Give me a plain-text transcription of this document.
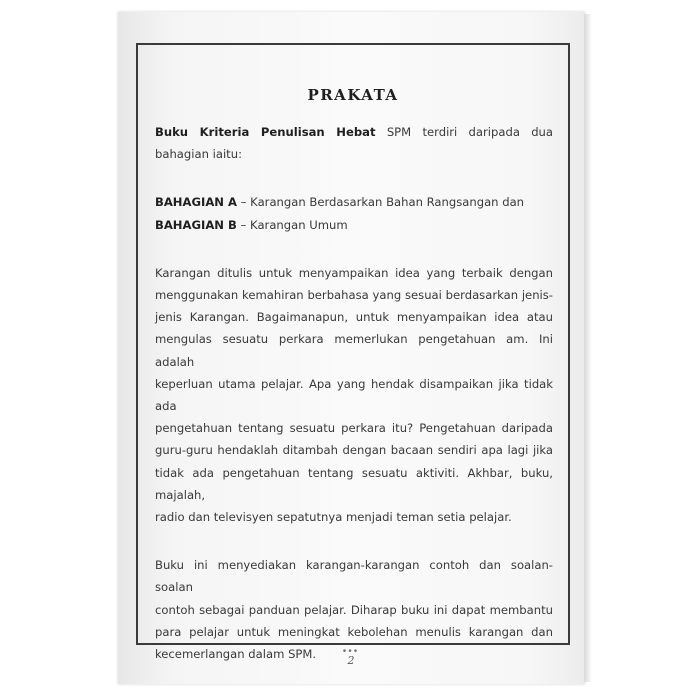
PRAKATA

Buku Kriteria Penulisan Hebat SPM terdiri daripada dua

bahagian iaitu:

BAHAGIAN A – Karangan Berdasarkan Bahan Rangsangan dan

BAHAGIAN B – Karangan Umum

Karangan ditulis untuk menyampaikan idea yang terbaik dengan

menggunakan kemahiran berbahasa yang sesuai berdasarkan jenis-

jenis Karangan. Bagaimanapun, untuk menyampaikan idea atau

mengulas sesuatu perkara memerlukan pengetahuan am. Ini adalah

keperluan utama pelajar. Apa yang hendak disampaikan jika tidak ada

pengetahuan tentang sesuatu perkara itu? Pengetahuan daripada

guru-guru hendaklah ditambah dengan bacaan sendiri apa lagi jika

tidak ada pengetahuan tentang sesuatu aktiviti. Akhbar, buku, majalah,

radio dan televisyen sepatutnya menjadi teman setia pelajar.

Buku ini menyediakan karangan-karangan contoh dan soalan-soalan

contoh sebagai panduan pelajar. Diharap buku ini dapat membantu

para pelajar untuk meningkat kebolehan menulis karangan dan

kecemerlangan dalam SPM.	•••
2
